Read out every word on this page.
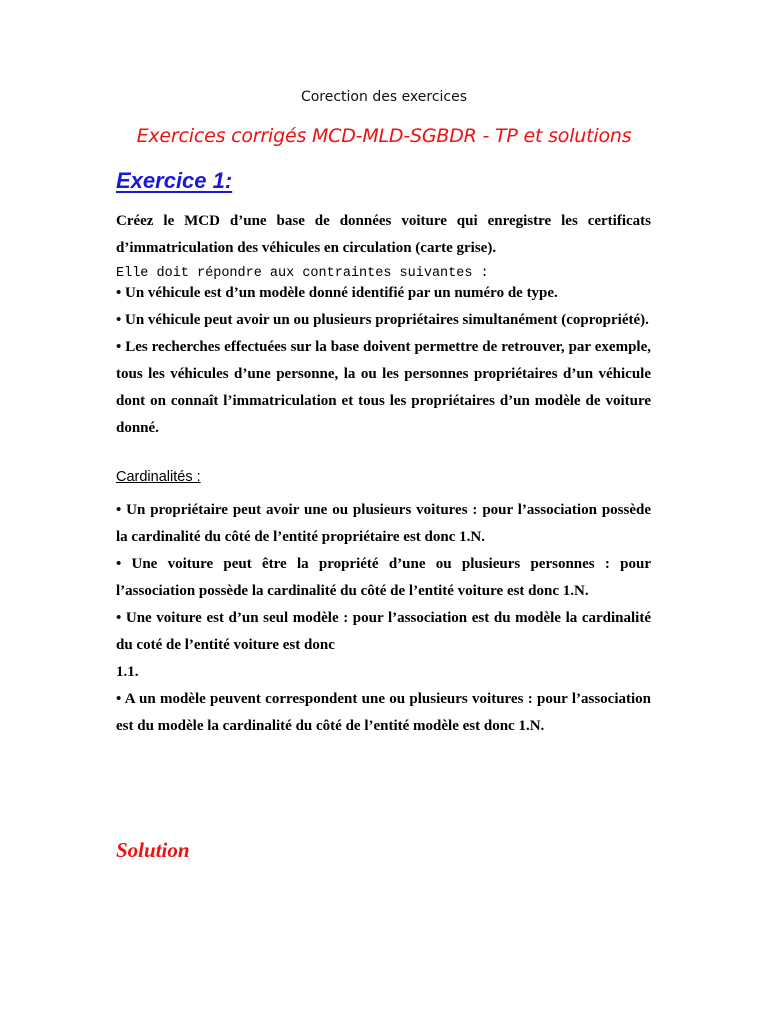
Corection des exercices
Exercices corrigés MCD-MLD-SGBDR - TP et solutions
Exercice 1:

Créez le MCD d’une base de données voiture qui enregistre les certificats d’immatriculation des véhicules en circulation (carte grise).

Elle doit répondre aux contraintes suivantes :

• Un véhicule est d’un modèle donné identifié par un numéro de type.

• Un véhicule peut avoir un ou plusieurs propriétaires simultanément (copropriété).

• Les recherches effectuées sur la base doivent permettre de retrouver, par exemple, tous les véhicules d’une personne, la ou les personnes propriétaires d’un véhicule dont on connaît l’immatriculation et tous les propriétaires d’un modèle de voiture donné.

Cardinalités :

• Un propriétaire peut avoir une ou plusieurs voitures : pour l’association possède la cardinalité du côté de l’entité propriétaire est donc 1.N.

• Une voiture peut être la propriété d’une ou plusieurs personnes : pour l’association possède la cardinalité du côté de l’entité voiture est donc 1.N.

• Une voiture est d’un seul modèle : pour l’association est du modèle la cardinalité du coté de l’entité voiture est donc

1.1.

• A un modèle peuvent correspondent une ou plusieurs voitures : pour l’association est du modèle la cardinalité du côté de l’entité modèle est donc 1.N.

Solution
